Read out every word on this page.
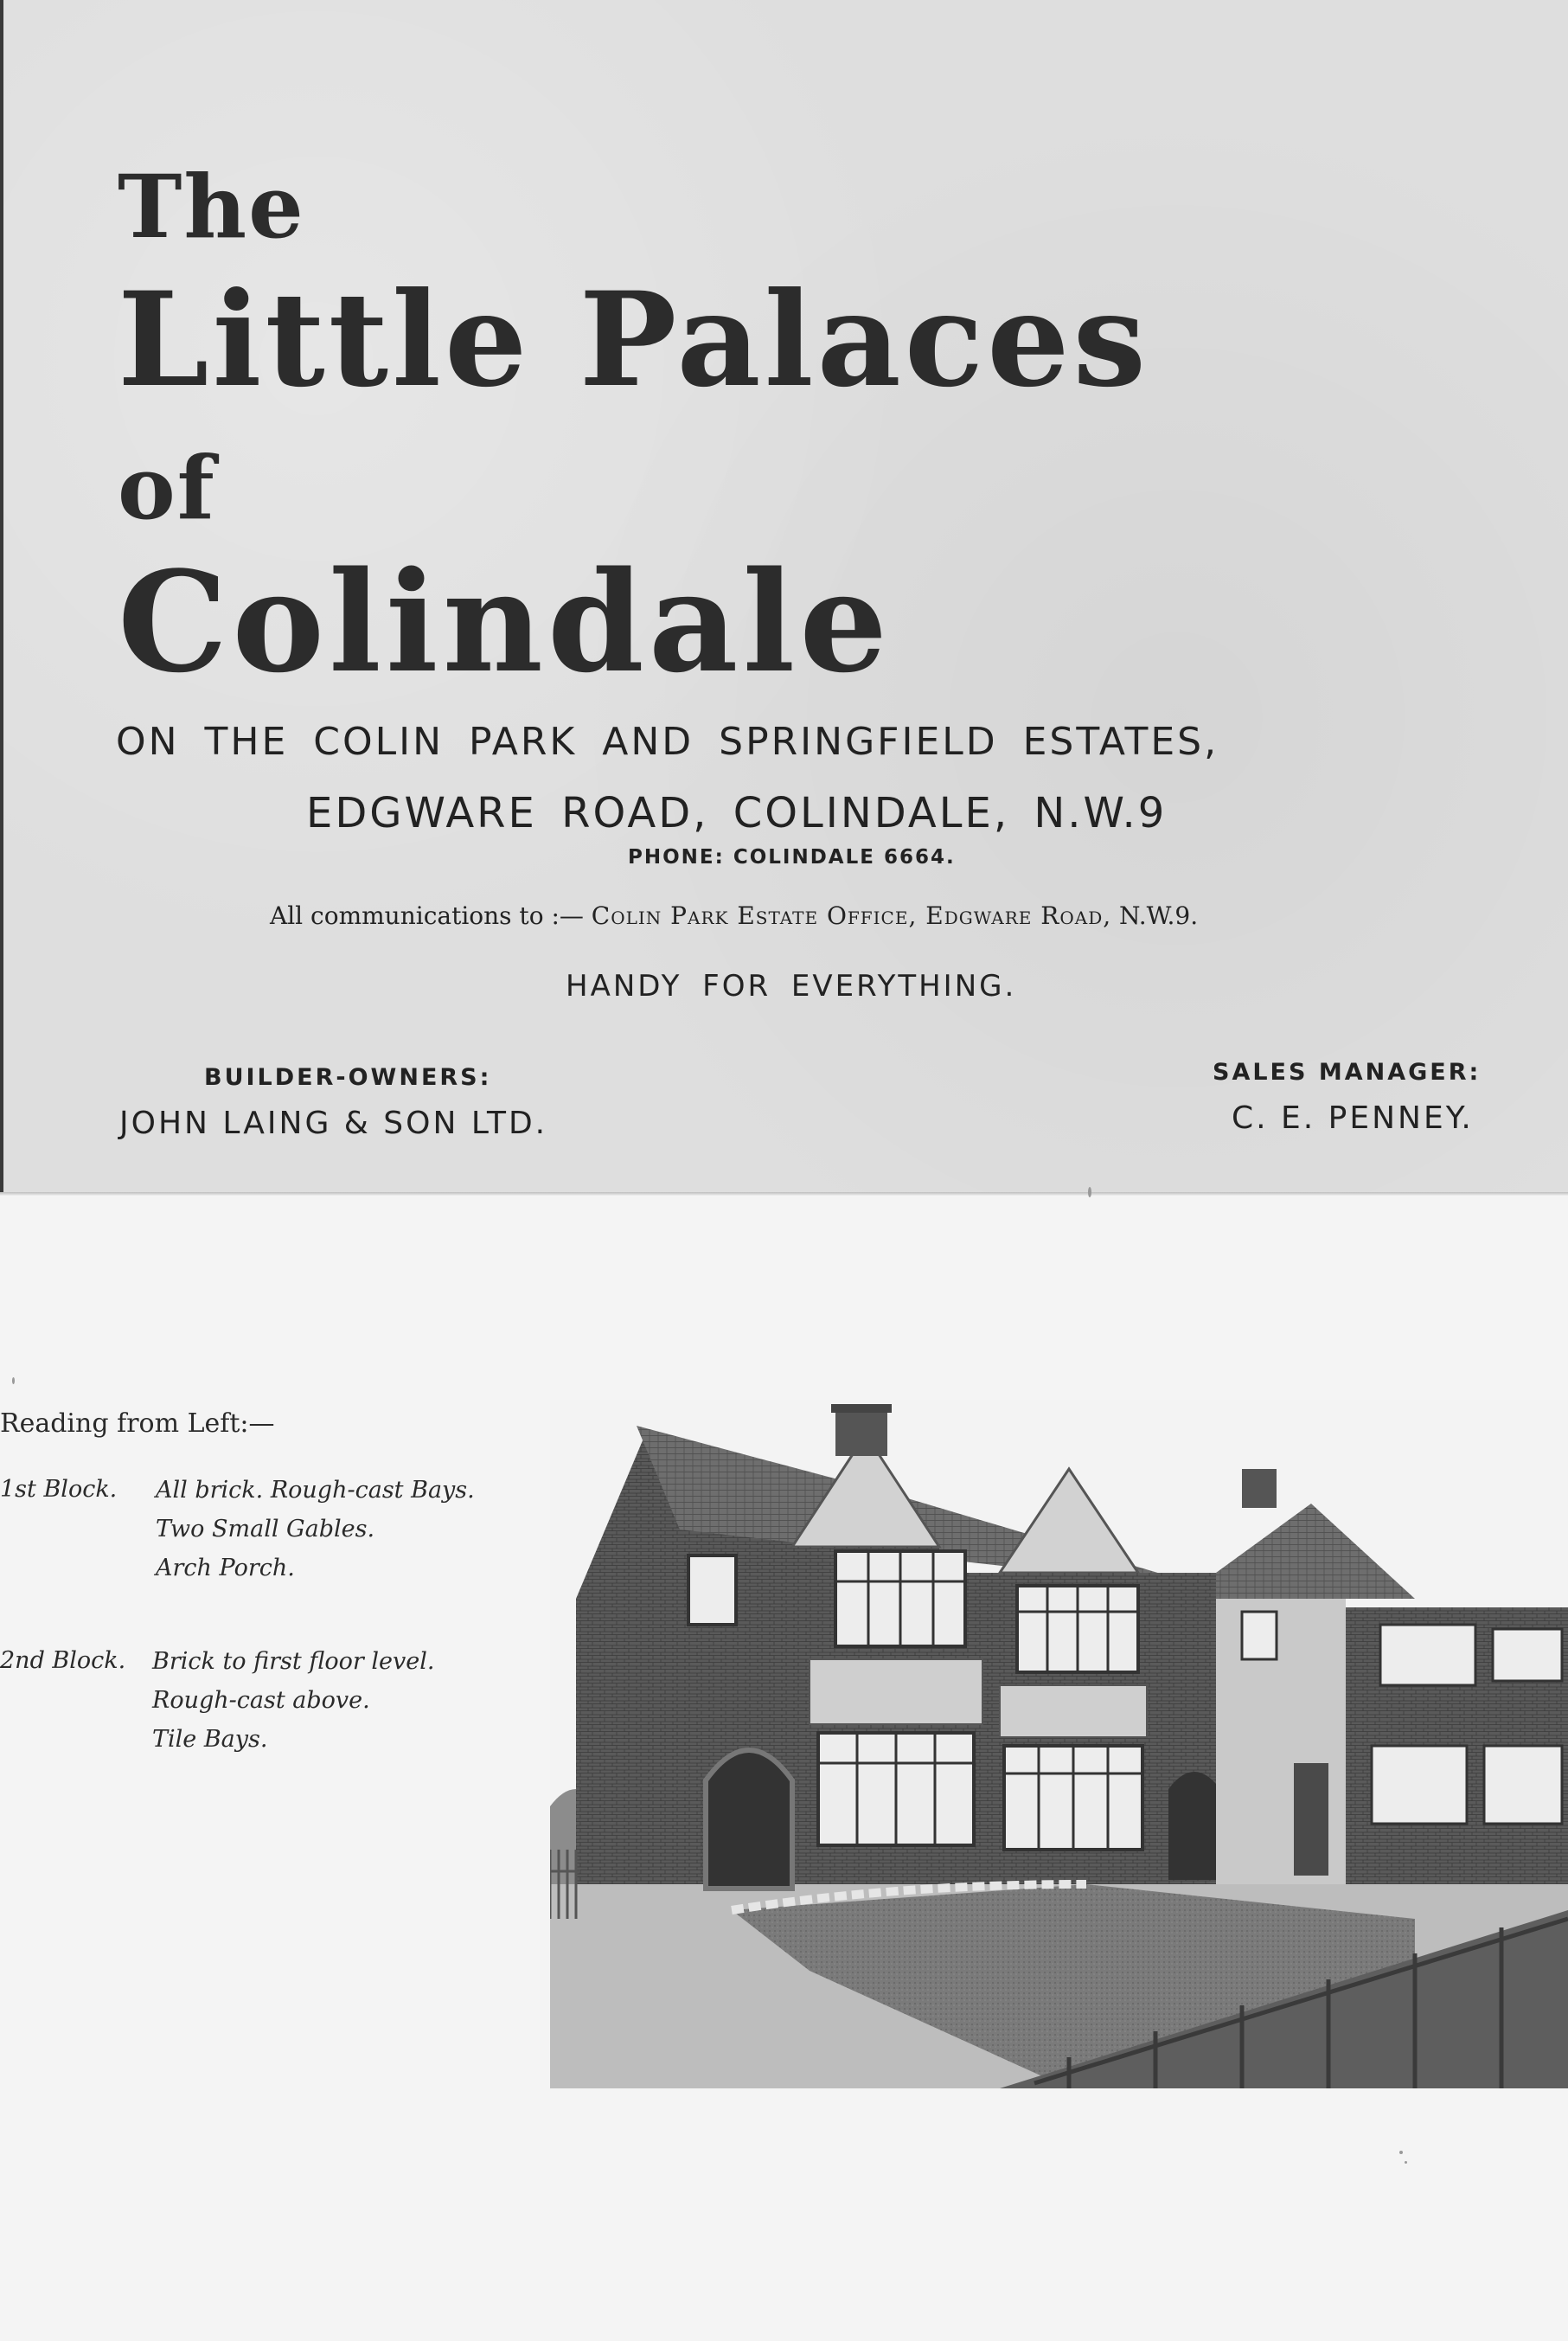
The
Little Palaces
of
Colindale
ON THE COLIN PARK AND SPRINGFIELD ESTATES,
EDGWARE ROAD, COLINDALE, N.W.9
PHONE: COLINDALE 6664.
All communications to :— Colin Park Estate Office, Edgware Road, N.W.9.
HANDY FOR EVERYTHING.
BUILDER-OWNERS:
JOHN LAING & SON LTD.
SALES MANAGER:
C. E. PENNEY.
Reading from Left:—
1st Block. All brick. Rough-cast Bays.
Two Small Gables.
Arch Porch.
2nd Block. Brick to first floor level.
Rough-cast above.
Tile Bays.
